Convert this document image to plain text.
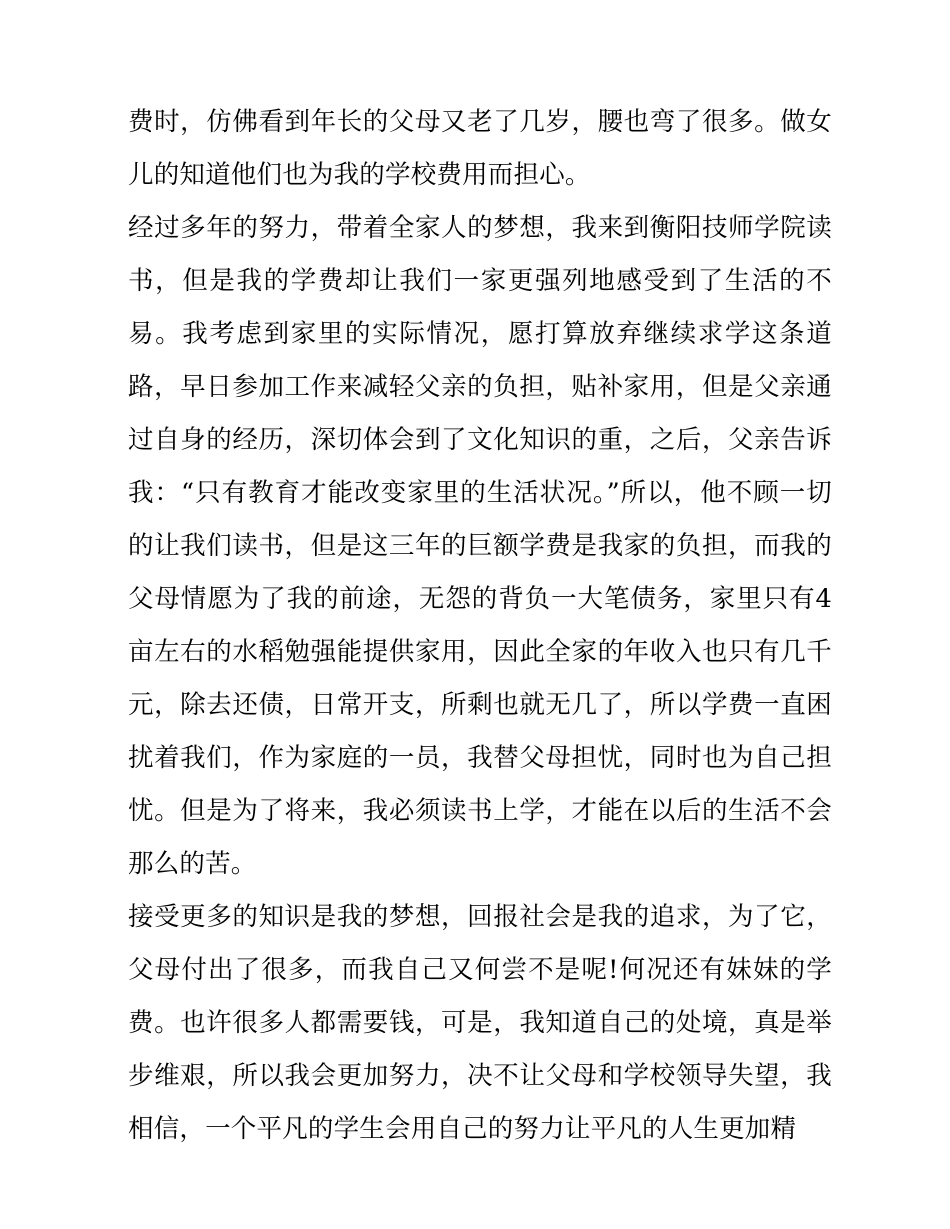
费时，仿佛看到年长的父母又老了几岁，腰也弯了很多。做女儿的知道他们也为我的学校费用而担心。

经过多年的努力，带着全家人的梦想，我来到衡阳技师学院读书，但是我的学费却让我们一家更强列地感受到了生活的不易。我考虑到家里的实际情况，愿打算放弃继续求学这条道路，早日参加工作来减轻父亲的负担，贴补家用，但是父亲通过自身的经历，深切体会到了文化知识的重，之后，父亲告诉我：“只有教育才能改变家里的生活状况。”所以，他不顾一切的让我们读书，但是这三年的巨额学费是我家的负担，而我的父母情愿为了我的前途，无怨的背负一大笔债务，家里只有4亩左右的水稻勉强能提供家用，因此全家的年收入也只有几千元，除去还债，日常开支，所剩也就无几了，所以学费一直困扰着我们，作为家庭的一员，我替父母担忧，同时也为自己担忧。但是为了将来，我必须读书上学，才能在以后的生活不会那么的苦。

接受更多的知识是我的梦想，回报社会是我的追求，为了它，父母付出了很多，而我自己又何尝不是呢!何况还有妹妹的学费。也许很多人都需要钱，可是，我知道自己的处境，真是举步维艰，所以我会更加努力，决不让父母和学校领导失望，我相信，一个平凡的学生会用自己的努力让平凡的人生更加精
